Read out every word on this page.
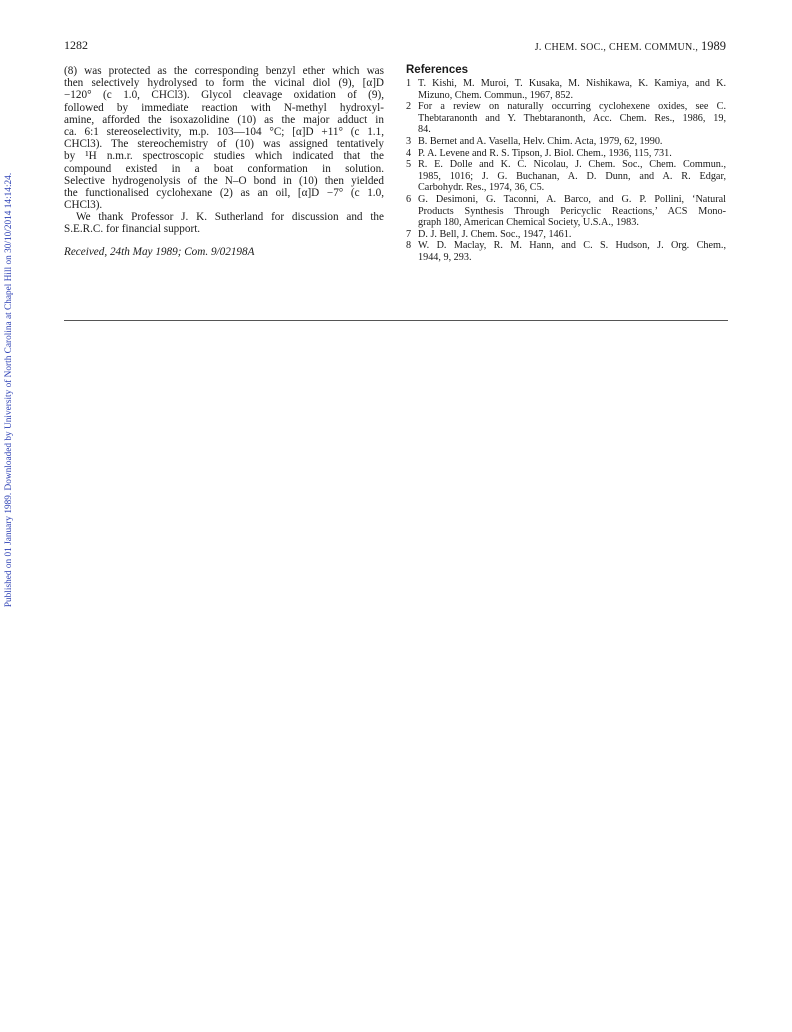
Published on 01 January 1989. Downloaded by University of North Carolina at Chapel Hill on 30/10/2014 14:14:24.
1282	J. CHEM. SOC., CHEM. COMMUN., 1989
(8) was protected as the corresponding benzyl ether which was
then selectively hydrolysed to form the vicinal diol (9), [α]D
−120° (c 1.0, CHCl3). Glycol cleavage oxidation of (9),
followed by immediate reaction with N-methyl hydroxyl-
amine, afforded the isoxazolidine (10) as the major adduct in
ca. 6:1 stereoselectivity, m.p. 103—104 °C; [α]D +11° (c 1.1,
CHCl3). The stereochemistry of (10) was assigned tentatively
by ¹H n.m.r. spectroscopic studies which indicated that the
compound existed in a boat conformation in solution.
Selective hydrogenolysis of the N–O bond in (10) then yielded
the functionalised cyclohexane (2) as an oil, [α]D −7° (c 1.0,
CHCl3).
We thank Professor J. K. Sutherland for discussion and the
S.E.R.C. for financial support.
Received, 24th May 1989; Com. 9/02198A
References
1 T. Kishi, M. Muroi, T. Kusaka, M. Nishikawa, K. Kamiya, and K.
Mizuno, Chem. Commun., 1967, 852.
2 For a review on naturally occurring cyclohexene oxides, see C.
Thebtaranonth and Y. Thebtaranonth, Acc. Chem. Res., 1986, 19,
84.
3 B. Bernet and A. Vasella, Helv. Chim. Acta, 1979, 62, 1990.
4 P. A. Levene and R. S. Tipson, J. Biol. Chem., 1936, 115, 731.
5 R. E. Dolle and K. C. Nicolau, J. Chem. Soc., Chem. Commun.,
1985, 1016; J. G. Buchanan, A. D. Dunn, and A. R. Edgar,
Carbohydr. Res., 1974, 36, C5.
6 G. Desimoni, G. Taconni, A. Barco, and G. P. Pollini, ‘Natural
Products Synthesis Through Pericyclic Reactions,’ ACS Mono-
graph 180, American Chemical Society, U.S.A., 1983.
7 D. J. Bell, J. Chem. Soc., 1947, 1461.
8 W. D. Maclay, R. M. Hann, and C. S. Hudson, J. Org. Chem.,
1944, 9, 293.
